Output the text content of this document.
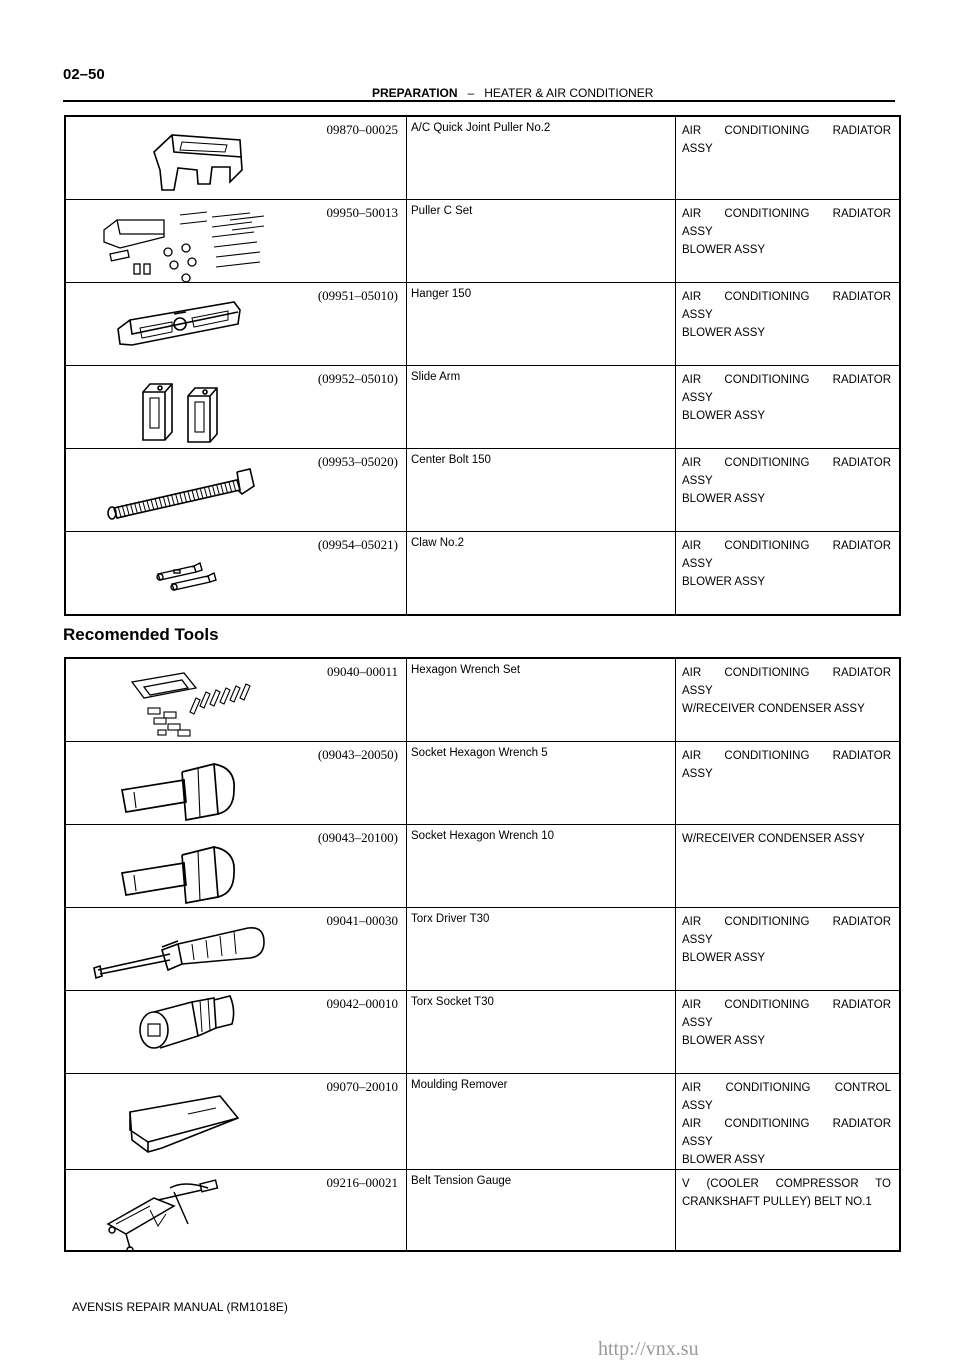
02–50
PREPARATION – HEATER & AIR CONDITIONER
09870–00025	A/C Quick Joint Puller No.2	AIR CONDITIONING RADIATOR
ASSY

09950–50013	Puller C Set	AIR CONDITIONING RADIATOR
ASSY
BLOWER ASSY

(09951–05010)	Hanger 150	AIR CONDITIONING RADIATOR
ASSY
BLOWER ASSY

(09952–05010)	Slide Arm	AIR CONDITIONING RADIATOR
ASSY
BLOWER ASSY

(09953–05020)	Center Bolt 150	AIR CONDITIONING RADIATOR
ASSY
BLOWER ASSY

(09954–05021)	Claw No.2	AIR CONDITIONING RADIATOR
ASSY
BLOWER ASSY
Recomended Tools
09040–00011	Hexagon Wrench Set	AIR CONDITIONING RADIATOR
ASSY
W/RECEIVER CONDENSER ASSY

(09043–20050)	Socket Hexagon Wrench 5	AIR CONDITIONING RADIATOR
ASSY

(09043–20100)	Socket Hexagon Wrench 10	W/RECEIVER CONDENSER ASSY

09041–00030	Torx Driver T30	AIR CONDITIONING RADIATOR
ASSY
BLOWER ASSY

09042–00010	Torx Socket T30	AIR CONDITIONING RADIATOR
ASSY
BLOWER ASSY

09070–20010	Moulding Remover	AIR CONDITIONING CONTROL
ASSY
AIR CONDITIONING RADIATOR
ASSY
BLOWER ASSY

09216–00021	Belt Tension Gauge	V (COOLER COMPRESSOR TO
CRANKSHAFT PULLEY) BELT NO.1
AVENSIS REPAIR MANUAL (RM1018E)
http://vnx.su
